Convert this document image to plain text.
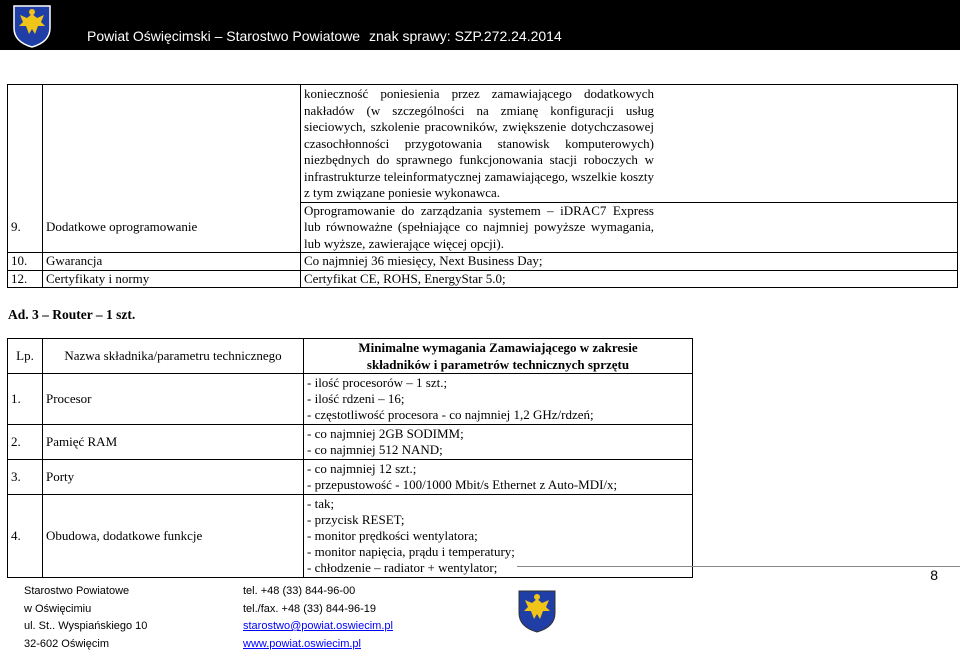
Powiat Oświęcimski – Starostwo Powiatowe znak sprawy: SZP.272.24.2014

		konieczność poniesienia przez zamawiającego dodatkowych nakładów (w szczególności na zmianę konfiguracji usług sieciowych, szkolenie pracowników, zwiększenie dotychczasowej czasochłonności przygotowania stanowisk komputerowych) niezbędnych do sprawnego funkcjonowania stacji roboczych w infrastrukturze teleinformatycznej zamawiającego, wszelkie koszty z tym związane poniesie wykonawca.

9.	Dodatkowe oprogramowanie	Oprogramowanie do zarządzania systemem – iDRAC7 Express lub równoważne (spełniające co najmniej powyższe wymagania, lub wyższe, zawierające więcej opcji).

10.	Gwarancja	Co najmniej 36 miesięcy, Next Business Day;
12.	Certyfikaty i normy	Certyfikat CE, ROHS, EnergyStar 5.0;
Ad. 3 – Router – 1 szt.
Lp.	Nazwa składnika/parametru technicznego	Minimalne wymagania Zamawiającego w zakresie
składników i parametrów technicznych sprzętu

1.	Procesor	- ilość procesorów – 1 szt.;
- ilość rdzeni – 16;
- częstotliwość procesora - co najmniej 1,2 GHz/rdzeń;

2.	Pamięć RAM	- co najmniej 2GB SODIMM;
- co najmniej 512 NAND;

3.	Porty	- co najmniej 12 szt.;
- przepustowość - 100/1000 Mbit/s Ethernet z Auto-MDI/x;

4.	Obudowa, dodatkowe funkcje	- tak;
- przycisk RESET;
- monitor prędkości wentylatora;
- monitor napięcia, prądu i temperatury;
- chłodzenie – radiator + wentylator;	8
Starostwo Powiatowe
w Oświęcimiu
ul. St.. Wyspiańskiego 10
32-602 Oświęcim
tel. +48 (33) 844-96-00
tel./fax. +48 (33) 844-96-19
starostwo@powiat.oswiecim.pl
www.powiat.oswiecim.pl
